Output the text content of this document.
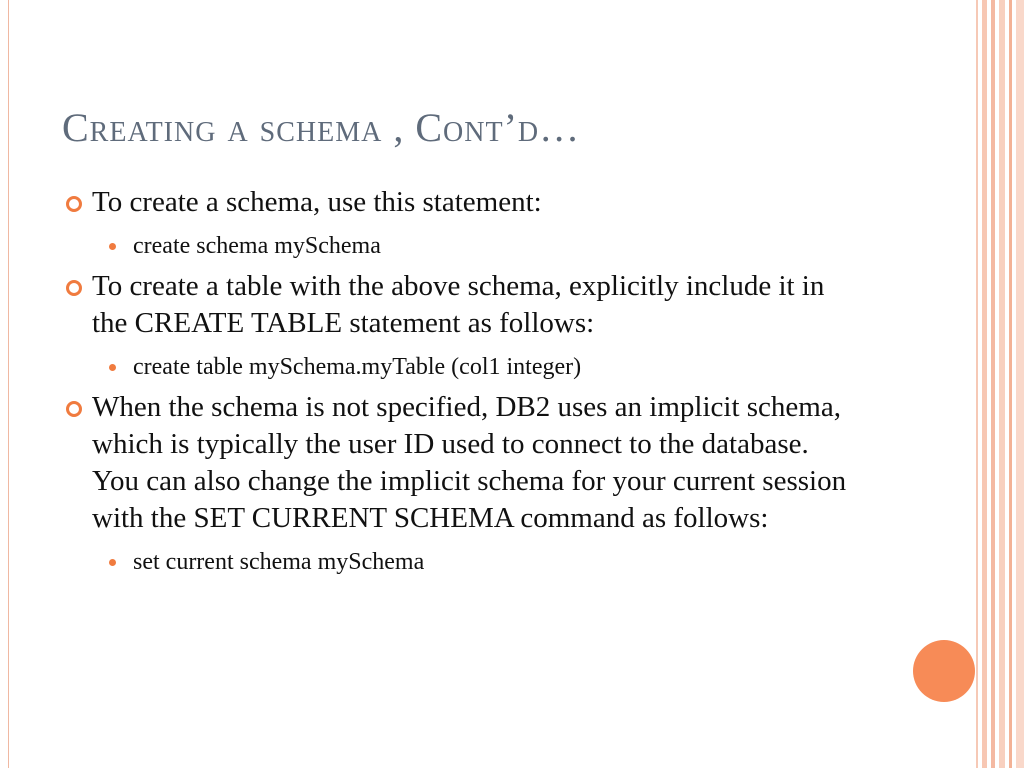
Creating a schema , Cont’d…
To create a schema, use this statement:
create schema mySchema
To create a table with the above schema, explicitly include it in the CREATE TABLE statement as follows:
create table mySchema.myTable (col1 integer)
When the schema is not specified, DB2 uses an implicit schema, which is typically the user ID used to connect to the database. You can also change the implicit schema for your current session with the SET CURRENT SCHEMA command as follows:
set current schema mySchema
